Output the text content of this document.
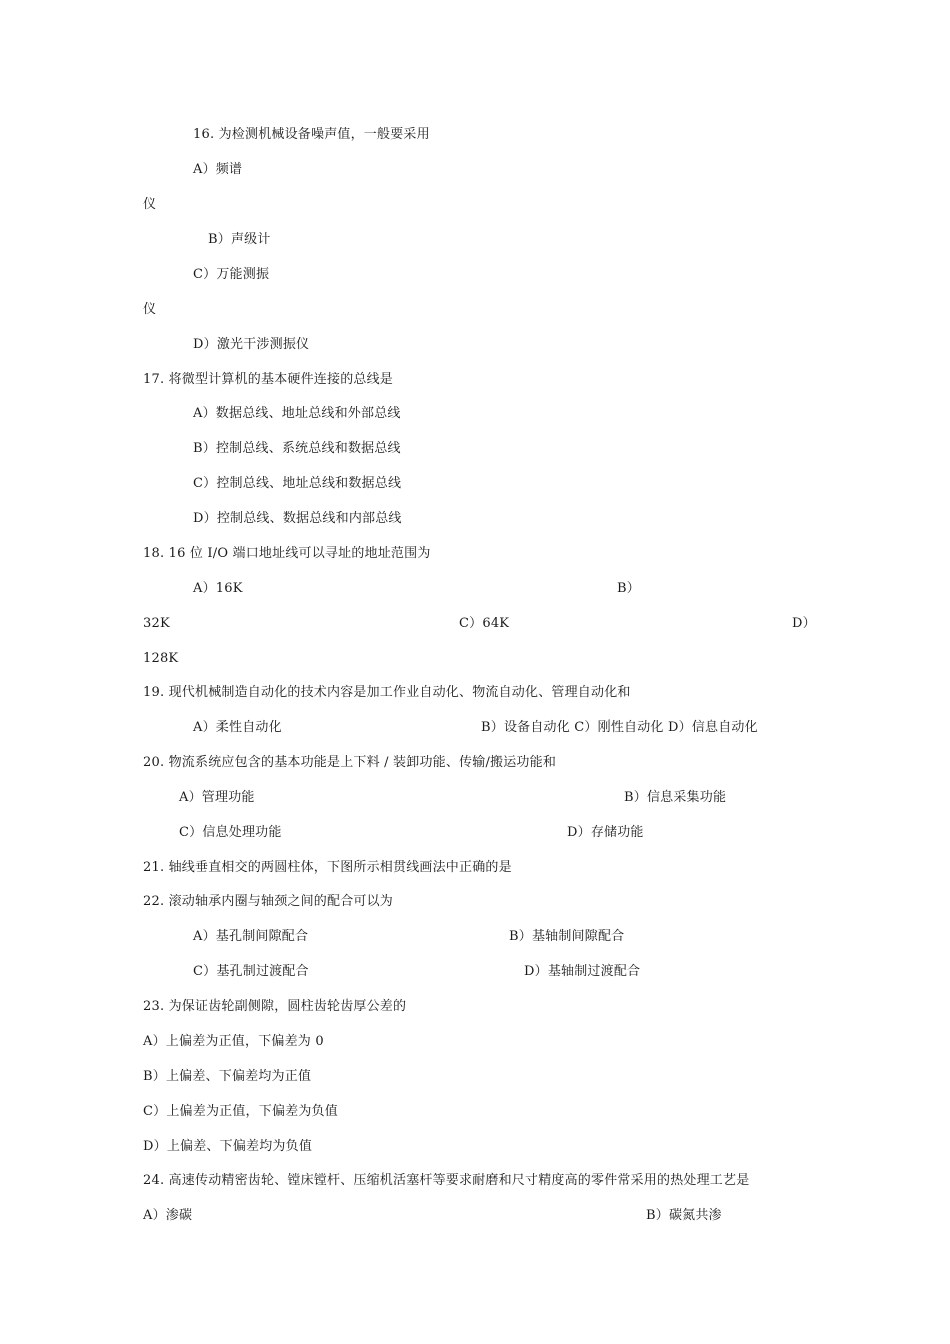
16. 为检测机械设备噪声值，一般要采用
A）频谱
仪
B）声级计
C）万能测振
仪
D）激光干涉测振仪
17. 将微型计算机的基本硬件连接的总线是
A）数据总线、地址总线和外部总线
B）控制总线、系统总线和数据总线
C）控制总线、地址总线和数据总线
D）控制总线、数据总线和内部总线
18. 16 位 I/O 端口地址线可以寻址的地址范围为
A）16K	B）
32K	C）64K	D）
128K
19. 现代机械制造自动化的技术内容是加工作业自动化、物流自动化、管理自动化和
A）柔性自动化	B）设备自动化 C）刚性自动化 D）信息自动化
20. 物流系统应包含的基本功能是上下料 / 装卸功能、传输/搬运功能和
A）管理功能	B）信息采集功能
C）信息处理功能	D）存储功能
21. 轴线垂直相交的两圆柱体，下图所示相贯线画法中正确的是
22. 滚动轴承内圈与轴颈之间的配合可以为
A）基孔制间隙配合	B）基轴制间隙配合
C）基孔制过渡配合	D）基轴制过渡配合
23. 为保证齿轮副侧隙，圆柱齿轮齿厚公差的
A）上偏差为正值，下偏差为 0
B）上偏差、下偏差均为正值
C）上偏差为正值，下偏差为负值
D）上偏差、下偏差均为负值
24. 高速传动精密齿轮、镗床镗杆、压缩机活塞杆等要求耐磨和尺寸精度高的零件常采用的热处理工艺是
A）渗碳	B）碳氮共渗
